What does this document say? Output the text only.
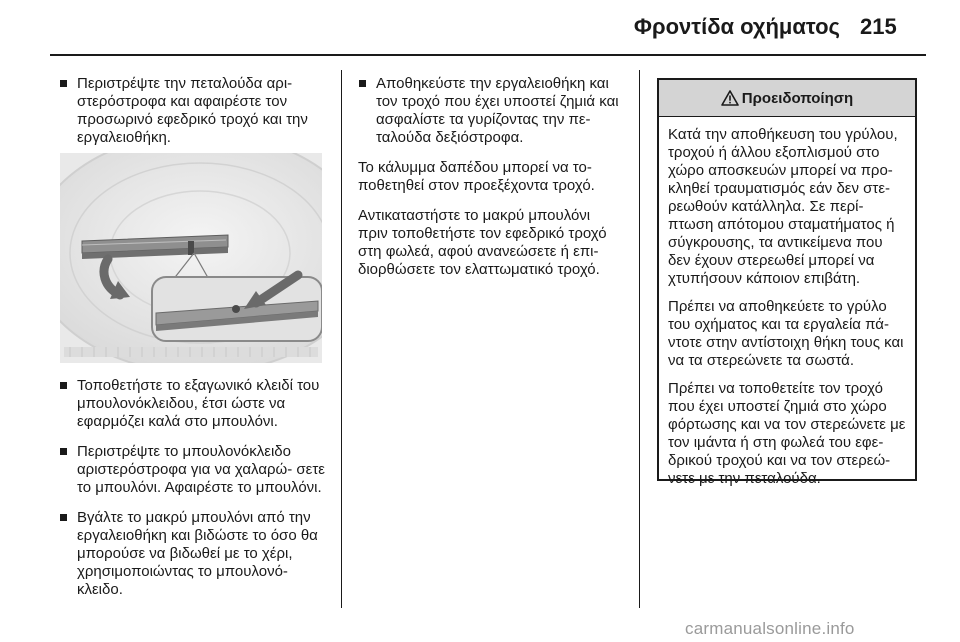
Φροντίδα οχήματος 215
Περιστρέψτε την πεταλούδα αρι- στερόστροφα και αφαιρέστε τον προσωρινό εφεδρικό τροχό και την εργαλειοθήκη.
Τοποθετήστε το εξαγωνικό κλειδί του μπουλονόκλειδου, έτσι ώστε να εφαρμόζει καλά στο μπουλόνι.
Περιστρέψτε το μπουλονόκλειδο αριστερόστροφα για να χαλαρώ- σετε το μπουλόνι. Αφαιρέστε το μπουλόνι.
Βγάλτε το μακρύ μπουλόνι από την εργαλειοθήκη και βιδώστε το όσο θα μπορούσε να βιδωθεί με το χέρι, χρησιμοποιώντας το μπουλονό- κλειδο.
Αποθηκεύστε την εργαλειοθήκη και τον τροχό που έχει υποστεί ζημιά και ασφαλίστε τα γυρίζοντας την πε- ταλούδα δεξιόστροφα.

Το κάλυμμα δαπέδου μπορεί να το- ποθετηθεί στον προεξέχοντα τροχό.

Αντικαταστήστε το μακρύ μπουλόνι πριν τοποθετήστε τον εφεδρικό τροχό στη φωλεά, αφού ανανεώσετε ή επι- διορθώσετε τον ελαττωματικό τροχό.

Προειδοποίηση

Κατά την αποθήκευση του γρύλου, τροχού ή άλλου εξοπλισμού στο χώρο αποσκευών μπορεί να προ- κληθεί τραυματισμός εάν δεν στε- ρεωθούν κατάλληλα. Σε περί- πτωση απότομου σταματήματος ή σύγκρουσης, τα αντικείμενα που δεν έχουν στερεωθεί μπορεί να χτυπήσουν κάποιον επιβάτη.

Πρέπει να αποθηκεύετε το γρύλο του οχήματος και τα εργαλεία πά- ντοτε στην αντίστοιχη θήκη τους και να τα στερεώνετε τα σωστά.

Πρέπει να τοποθετείτε τον τροχό που έχει υποστεί ζημιά στο χώρο φόρτωσης και να τον στερεώνετε με τον ιμάντα ή στη φωλεά του εφε- δρικού τροχού και να τον στερεώ- νετε με την πεταλούδα.

carmanualsonline.info
